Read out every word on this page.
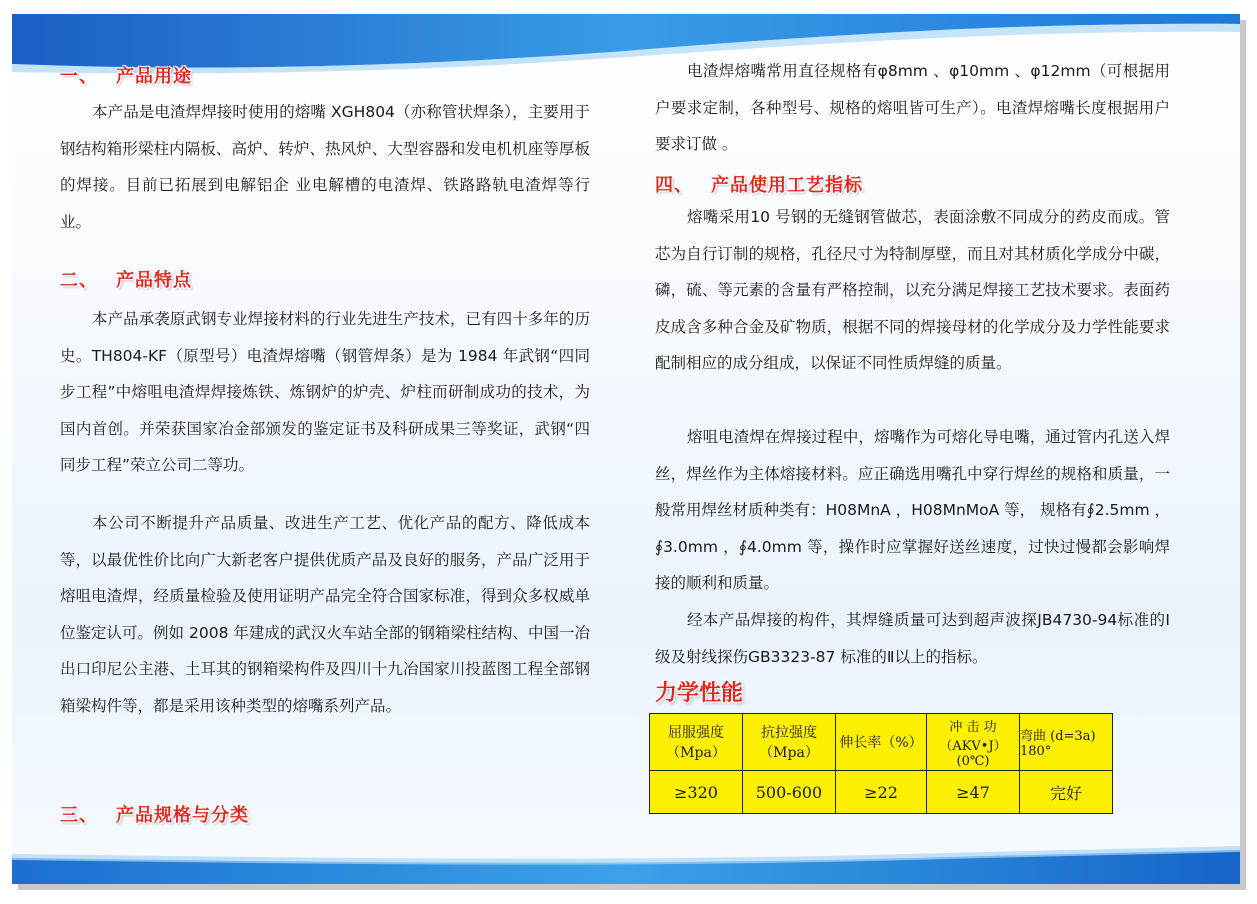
一、 产品用途

本产品是电渣焊焊接时使用的熔嘴 XGH804（亦称管状焊条），主要用于钢结构箱形梁柱内隔板、高炉、转炉、热风炉、大型容器和发电机机座等厚板的焊接。目前已拓展到电解铝企 业电解槽的电渣焊、铁路路轨电渣焊等行业。

二、 产品特点

本产品承袭原武钢专业焊接材料的行业先进生产技术，已有四十多年的历史。TH804-KF（原型号）电渣焊熔嘴（钢管焊条）是为 1984 年武钢“四同步工程”中熔咀电渣焊焊接炼铁、炼钢炉的炉壳、炉柱而研制成功的技术，为国内首创。并荣获国家冶金部颁发的鉴定证书及科研成果三等奖证，武钢“四同步工程”荣立公司二等功。

本公司不断提升产品质量、改进生产工艺、优化产品的配方、降低成本等，以最优性价比向广大新老客户提供优质产品及良好的服务，产品广泛用于熔咀电渣焊，经质量检验及使用证明产品完全符合国家标准，得到众多权威单位鉴定认可。例如 2008 年建成的武汉火车站全部的钢箱梁柱结构、中国一冶出口印尼公主港、土耳其的钢箱梁构件及四川十九冶国家川投蓝图工程全部钢箱梁构件等，都是采用该种类型的熔嘴系列产品。

三、 产品规格与分类

电渣焊熔嘴常用直径规格有φ8mm 、φ10mm 、φ12mm（可根据用户要求定制，各种型号、规格的熔咀皆可生产）。电渣焊熔嘴长度根据用户要求订做 。

四、 产品使用工艺指标

熔嘴采用10 号钢的无缝钢管做芯，表面涂敷不同成分的药皮而成。管芯为自行订制的规格，孔径尺寸为特制厚壁，而且对其材质化学成分中碳，磷，硫、等元素的含量有严格控制，以充分满足焊接工艺技术要求。表面药皮成含多种合金及矿物质，根据不同的焊接母材的化学成分及力学性能要求配制相应的成分组成，以保证不同性质焊缝的质量。

熔咀电渣焊在焊接过程中，熔嘴作为可熔化导电嘴，通过管内孔送入焊丝，焊丝作为主体熔接材料。应正确选用嘴孔中穿行焊丝的规格和质量，一般常用焊丝材质种类有：H08MnA ，H08MnMoA 等， 规格有∮2.5mm ，∮3.0mm ，∮4.0mm 等，操作时应掌握好送丝速度，过快过慢都会影响焊接的顺利和质量。

经本产品焊接的构件，其焊缝质量可达到超声波探JB4730-94标准的Ⅰ级及射线探伤GB3323-87 标准的Ⅱ以上的指标。

力学性能
屈服强度（Mpa）	抗拉强度（Mpa）	伸长率（%）	冲 击 功（AKV•J）(0℃)	弯曲 (d=3a) 180°
≥320	500-600	≥22	≥47	完好
